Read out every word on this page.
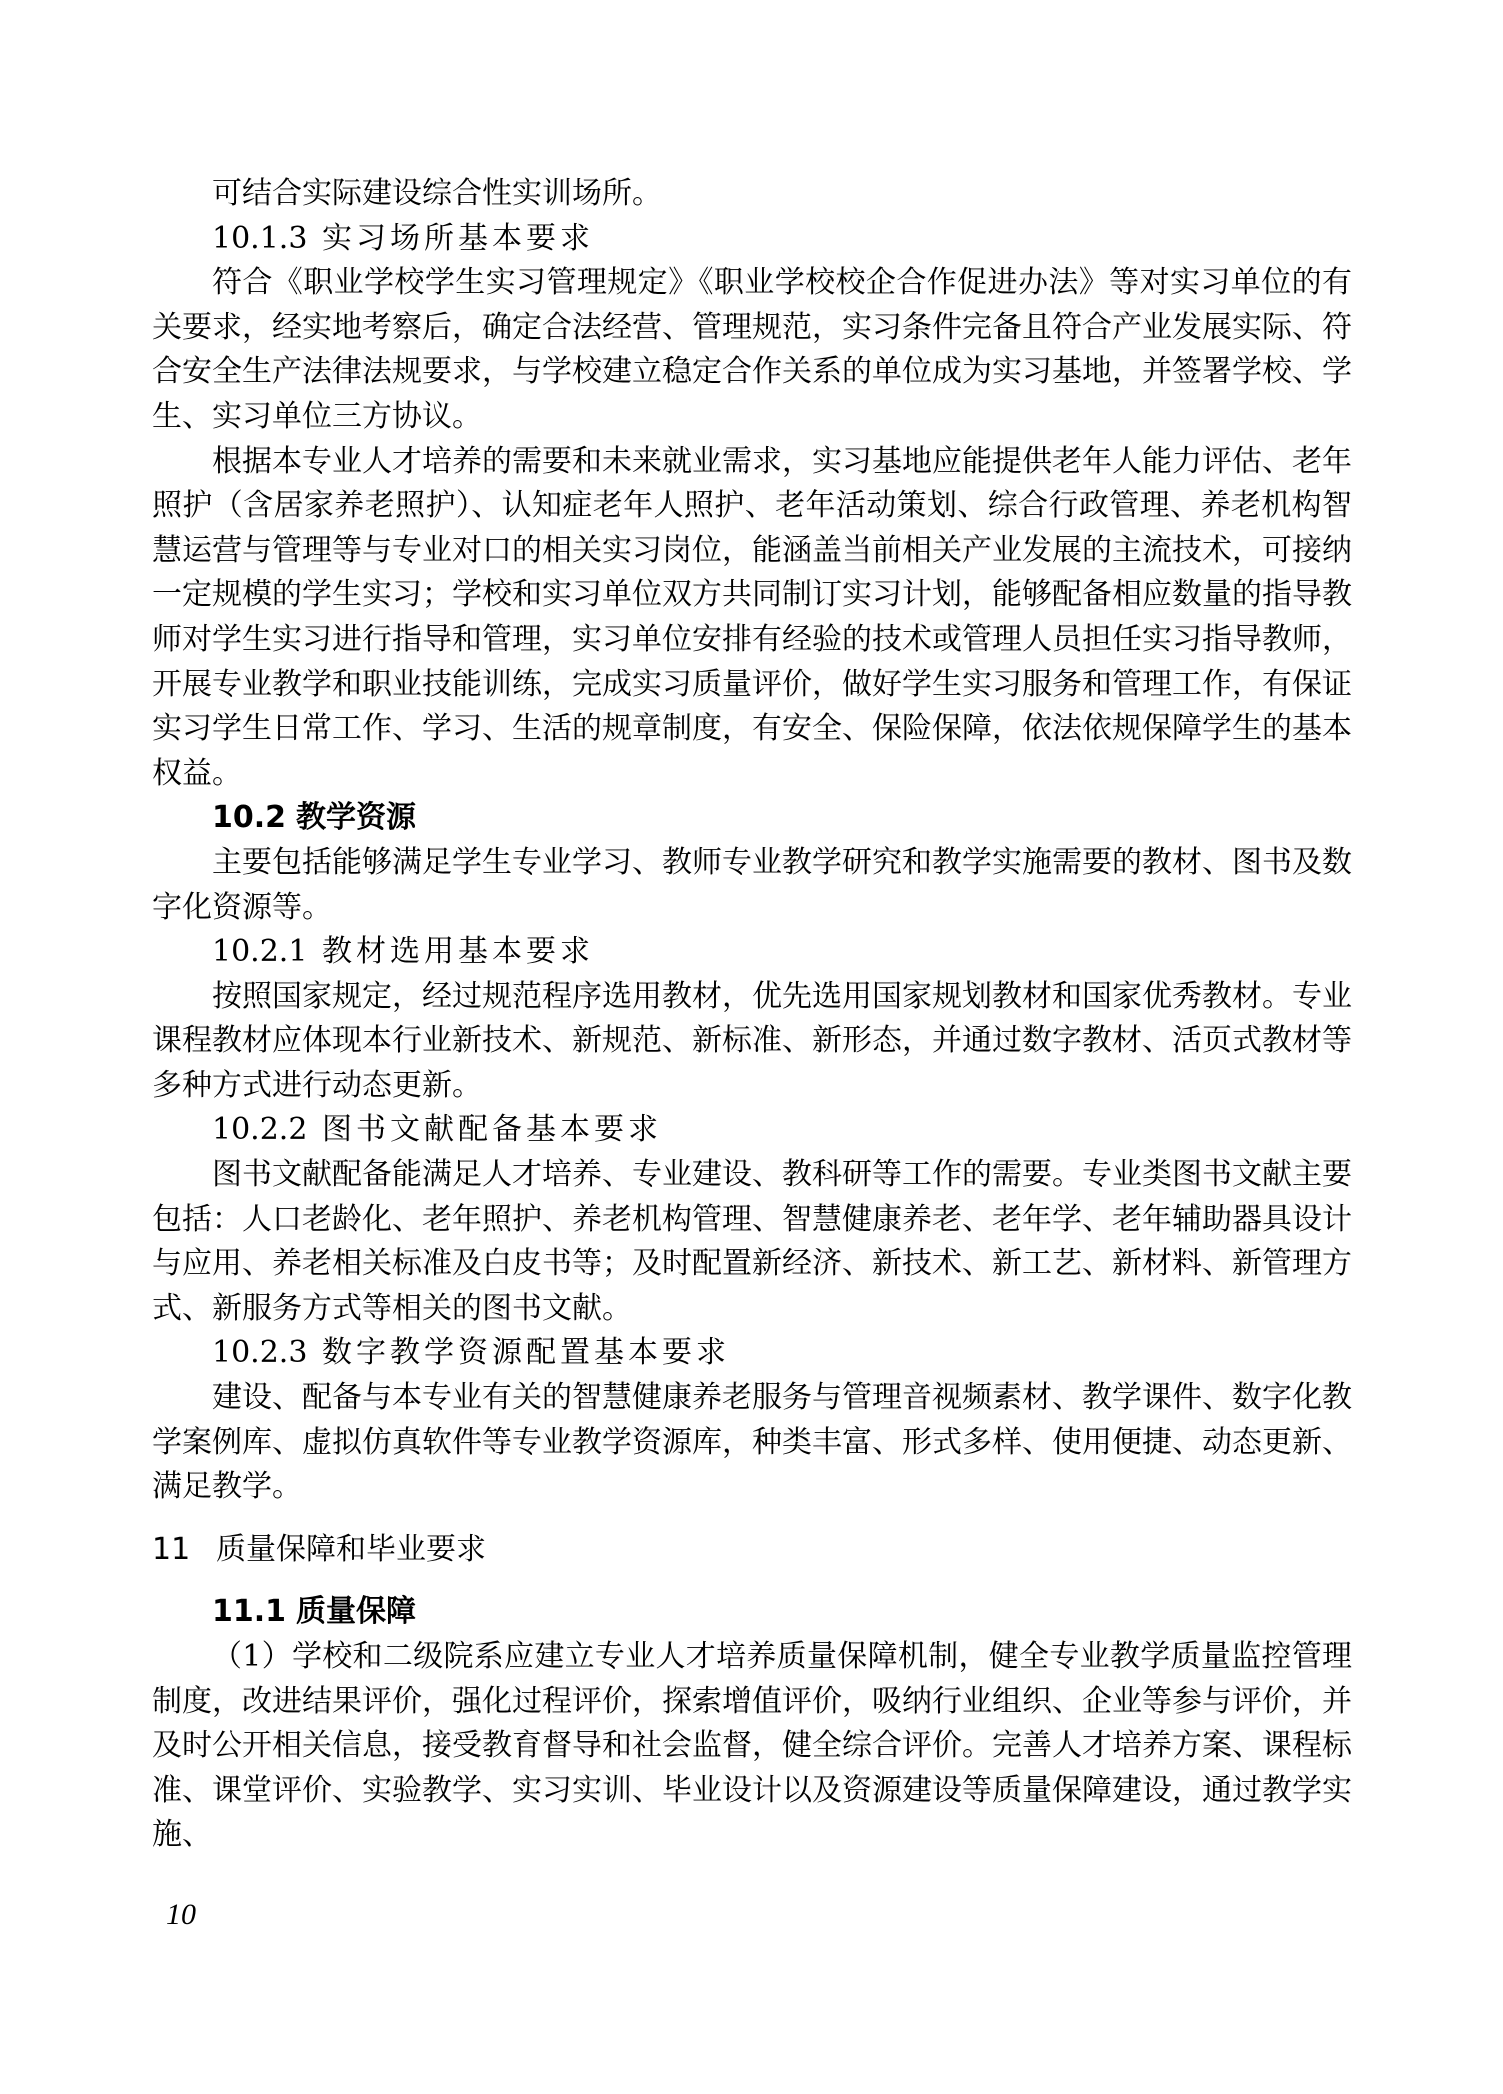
可结合实际建设综合性实训场所。

10.1.3 实习场所基本要求

符合《职业学校学生实习管理规定》《职业学校校企合作促进办法》等对实习单位的有关要求，经实地考察后，确定合法经营、管理规范，实习条件完备且符合产业发展实际、符合安全生产法律法规要求，与学校建立稳定合作关系的单位成为实习基地，并签署学校、学生、实习单位三方协议。

根据本专业人才培养的需要和未来就业需求，实习基地应能提供老年人能力评估、老年照护（含居家养老照护）、认知症老年人照护、老年活动策划、综合行政管理、养老机构智慧运营与管理等与专业对口的相关实习岗位，能涵盖当前相关产业发展的主流技术，可接纳一定规模的学生实习；学校和实习单位双方共同制订实习计划，能够配备相应数量的指导教师对学生实习进行指导和管理，实习单位安排有经验的技术或管理人员担任实习指导教师，开展专业教学和职业技能训练，完成实习质量评价，做好学生实习服务和管理工作，有保证实习学生日常工作、学习、生活的规章制度，有安全、保险保障，依法依规保障学生的基本权益。

10.2 教学资源

主要包括能够满足学生专业学习、教师专业教学研究和教学实施需要的教材、图书及数字化资源等。

10.2.1 教材选用基本要求

按照国家规定，经过规范程序选用教材，优先选用国家规划教材和国家优秀教材。专业课程教材应体现本行业新技术、新规范、新标准、新形态，并通过数字教材、活页式教材等多种方式进行动态更新。

10.2.2 图书文献配备基本要求

图书文献配备能满足人才培养、专业建设、教科研等工作的需要。专业类图书文献主要包括：人口老龄化、老年照护、养老机构管理、智慧健康养老、老年学、老年辅助器具设计与应用、养老相关标准及白皮书等；及时配置新经济、新技术、新工艺、新材料、新管理方式、新服务方式等相关的图书文献。

10.2.3 数字教学资源配置基本要求

建设、配备与本专业有关的智慧健康养老服务与管理音视频素材、教学课件、数字化教学案例库、虚拟仿真软件等专业教学资源库，种类丰富、形式多样、使用便捷、动态更新、满足教学。

11 质量保障和毕业要求

11.1 质量保障

（1）学校和二级院系应建立专业人才培养质量保障机制，健全专业教学质量监控管理制度，改进结果评价，强化过程评价，探索增值评价，吸纳行业组织、企业等参与评价，并及时公开相关信息，接受教育督导和社会监督，健全综合评价。完善人才培养方案、课程标准、课堂评价、实验教学、实习实训、毕业设计以及资源建设等质量保障建设，通过教学实施、

10
